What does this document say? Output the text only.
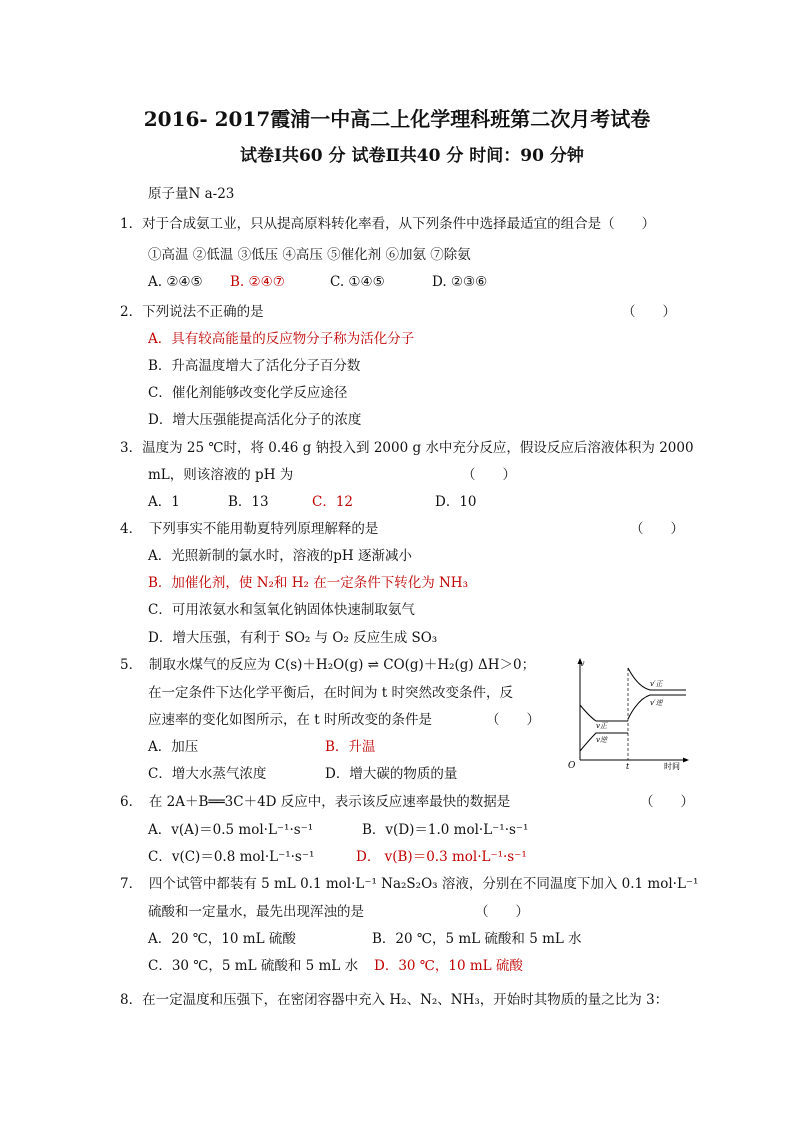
2016- 2017霞浦一中高二上化学理科班第二次月考试卷
试卷Ⅰ共60 分 试卷Ⅱ共40 分 时间：90 分钟
原子量N a-23
1．对于合成氨工业，只从提高原料转化率看，从下列条件中选择最适宜的组合是（　　）
①高温 ②低温 ③低压 ④高压 ⑤催化剂 ⑥加氨 ⑦除氨
A. ②④⑤ B. ②④⑦	C. ①④⑤	D. ②③⑥
2．下列说法不正确的是	（　　）
A．具有较高能量的反应物分子称为活化分子
B．升高温度增大了活化分子百分数
C．催化剂能够改变化学反应途径
D．增大压强能提高活化分子的浓度
3．温度为 25 ℃时，将 0.46 g 钠投入到 2000 g 水中充分反应，假设反应后溶液体积为 2000
mL，则该溶液的 pH 为	（　　）
A．1	B．13	C．12	D．10
4．　下列事实不能用勒夏特列原理解释的是	（　　）
A．光照新制的氯水时，溶液的pH 逐渐减小
B．加催化剂，使 N₂和 H₂ 在一定条件下转化为 NH₃
C．可用浓氨水和氢氧化钠固体快速制取氨气
D．增大压强，有利于 SO₂ 与 O₂ 反应生成 SO₃
5．　制取水煤气的反应为 C(s)＋H₂O(g) ⇌ CO(g)＋H₂(g) ΔH＞0；
在一定条件下达化学平衡后，在时间为 t 时突然改变条件，反
应速率的变化如图所示，在 t 时所改变的条件是	（　　）
A．加压	B．升温
C．增大水蒸气浓度	D．增大碳的物质的量
v
O	t	时间
v正
v逆
v′正
v′逆
6．　在 2A＋B══3C＋4D 反应中，表示该反应速率最快的数据是	（　　）
A．v(A)＝0.5 mol·L⁻¹·s⁻¹	B．v(D)＝1.0 mol·L⁻¹·s⁻¹
C．v(C)＝0.8 mol·L⁻¹·s⁻¹	D． v(B)＝0.3 mol·L⁻¹·s⁻¹
7．　四个试管中都装有 5 mL 0.1 mol·L⁻¹ Na₂S₂O₃ 溶液，分别在不同温度下加入 0.1 mol·L⁻¹
硫酸和一定量水，最先出现浑浊的是	（　　）
A．20 ℃，10 mL 硫酸	B．20 ℃，5 mL 硫酸和 5 mL 水
C．30 ℃，5 mL 硫酸和 5 mL 水 D．30 ℃，10 mL 硫酸
8．在一定温度和压强下，在密闭容器中充入 H₂、N₂、NH₃，开始时其物质的量之比为 3：
